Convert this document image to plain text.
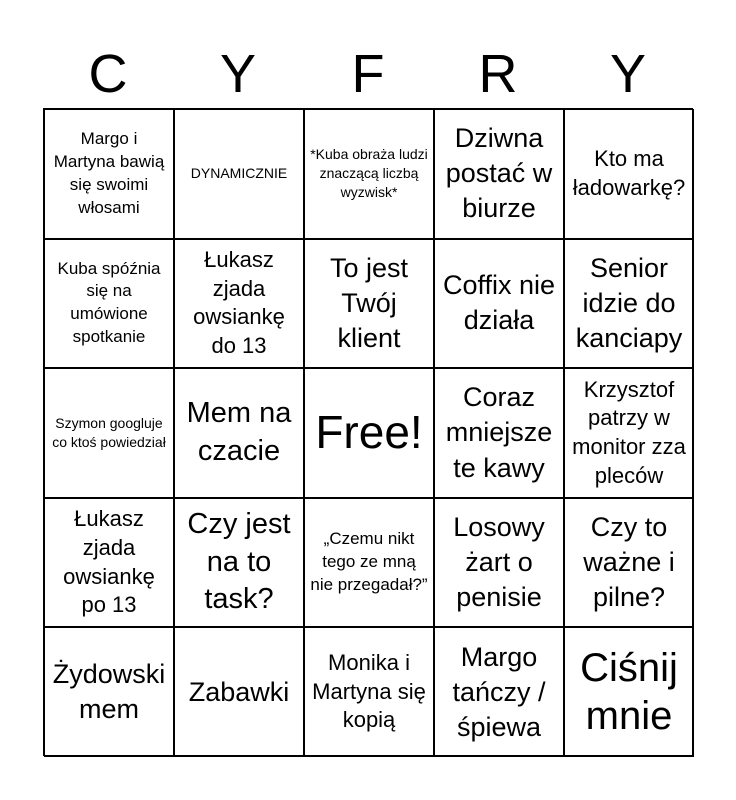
C	Y	F	R	Y
Margo i Martyna bawią się swoimi włosami
DYNAMICZNIE
*Kuba obraża ludzi znaczącą liczbą wyzwisk*
Dziwna postać w biurze
Kto ma ładowarkę?
Kuba spóźnia się na umówione spotkanie
Łukasz zjada owsiankę do 13
To jest Twój klient
Coffix nie działa
Senior idzie do kanciapy
Szymon googluje co ktoś powiedział
Mem na czacie Free!
Coraz mniejsze te kawy
Krzysztof patrzy w monitor zza pleców
Łukasz zjada owsiankę po 13
Czy jest na to task?
„Czemu nikt tego ze mną nie przegadał?”
Losowy żart o penisie
Czy to ważne i pilne?
Żydowski mem
Zabawki
Monika i Martyna się kopią
Margo tańczy / śpiewa
Ciśnij mnie
